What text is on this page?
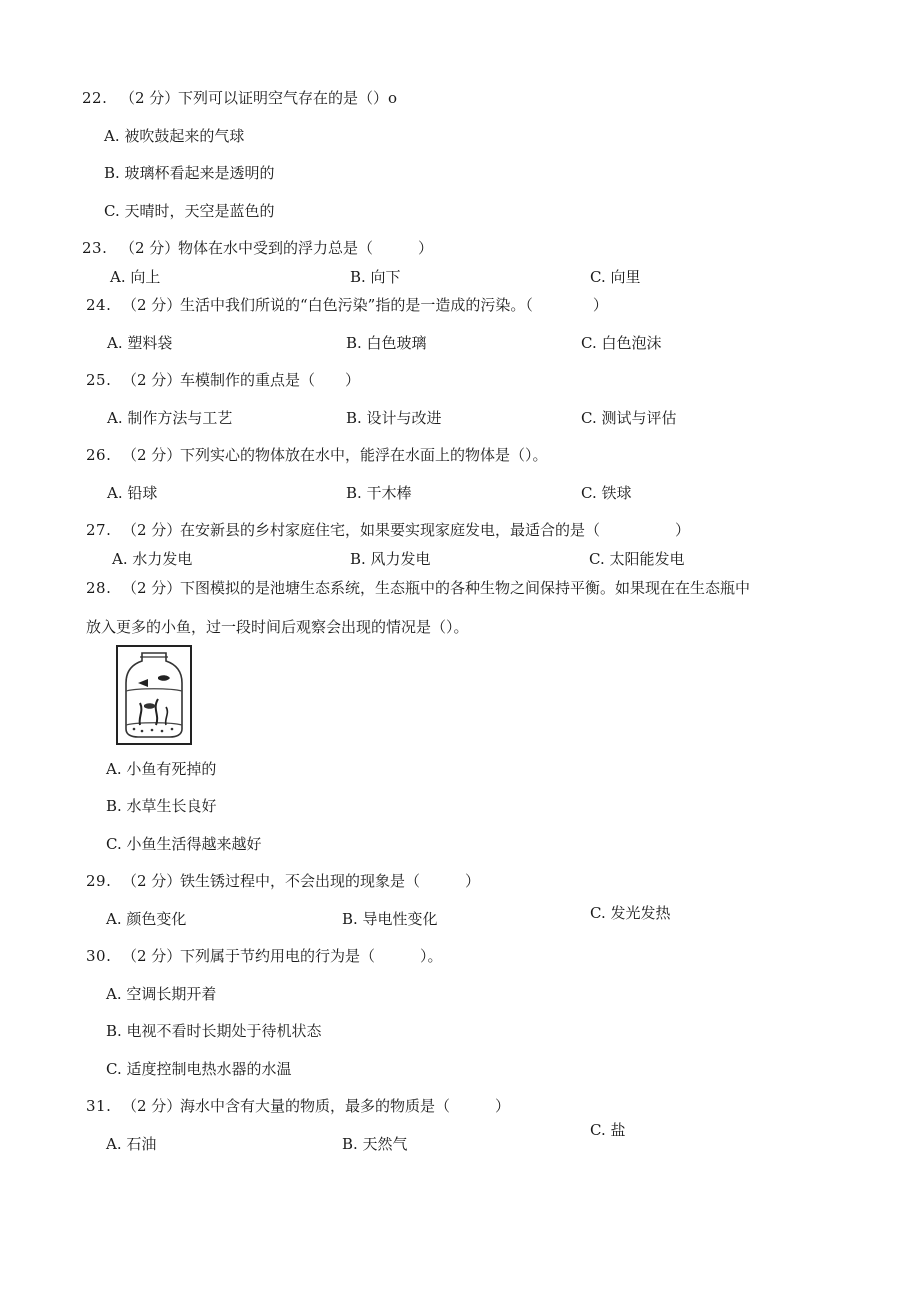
22. （2 分）
下列可以证明空气存在的是（）o
A. 被吹鼓起来的气球
B. 玻璃杯看起来是透明的
C. 天晴时，天空是蓝色的
23. （2 分）
物体在水中受到的浮力总是（　　　）
A. 向上	B. 向下	C. 向里
24. （2 分）
生活中我们所说的“白色污染”指的是一造成的污染。（　　　　）
A. 塑料袋	B. 白色玻璃	C. 白色泡沫
25. （2 分）
车模制作的重点是（　　）
A. 制作方法与工艺	B. 设计与改进	C. 测试与评估
26. （2 分）
下列实心的物体放在水中，能浮在水面上的物体是（）。
A. 铅球	B. 干木棒	C. 铁球
27. （2 分）
在安新县的乡村家庭住宅，如果要实现家庭发电，最适合的是（　　　　　）
A. 水力发电	B. 风力发电	C. 太阳能发电
28. （2 分）
下图模拟的是池塘生态系统，生态瓶中的各种生物之间保持平衡。如果现在在生态瓶中
放入更多的小鱼，过一段时间后观察会出现的情况是（）。
A. 小鱼有死掉的
B. 水草生长良好
C. 小鱼生活得越来越好
29. （2 分）
铁生锈过程中，不会出现的现象是（　　　）
A. 颜色变化	B. 导电性变化	C. 发光发热
30. （2 分）
下列属于节约用电的行为是（　　　）。
A. 空调长期开着
B. 电视不看时长期处于待机状态
C. 适度控制电热水器的水温
31. （2 分）
海水中含有大量的物质，最多的物质是（　　　）
A. 石油	B. 天然气
C. 盐
